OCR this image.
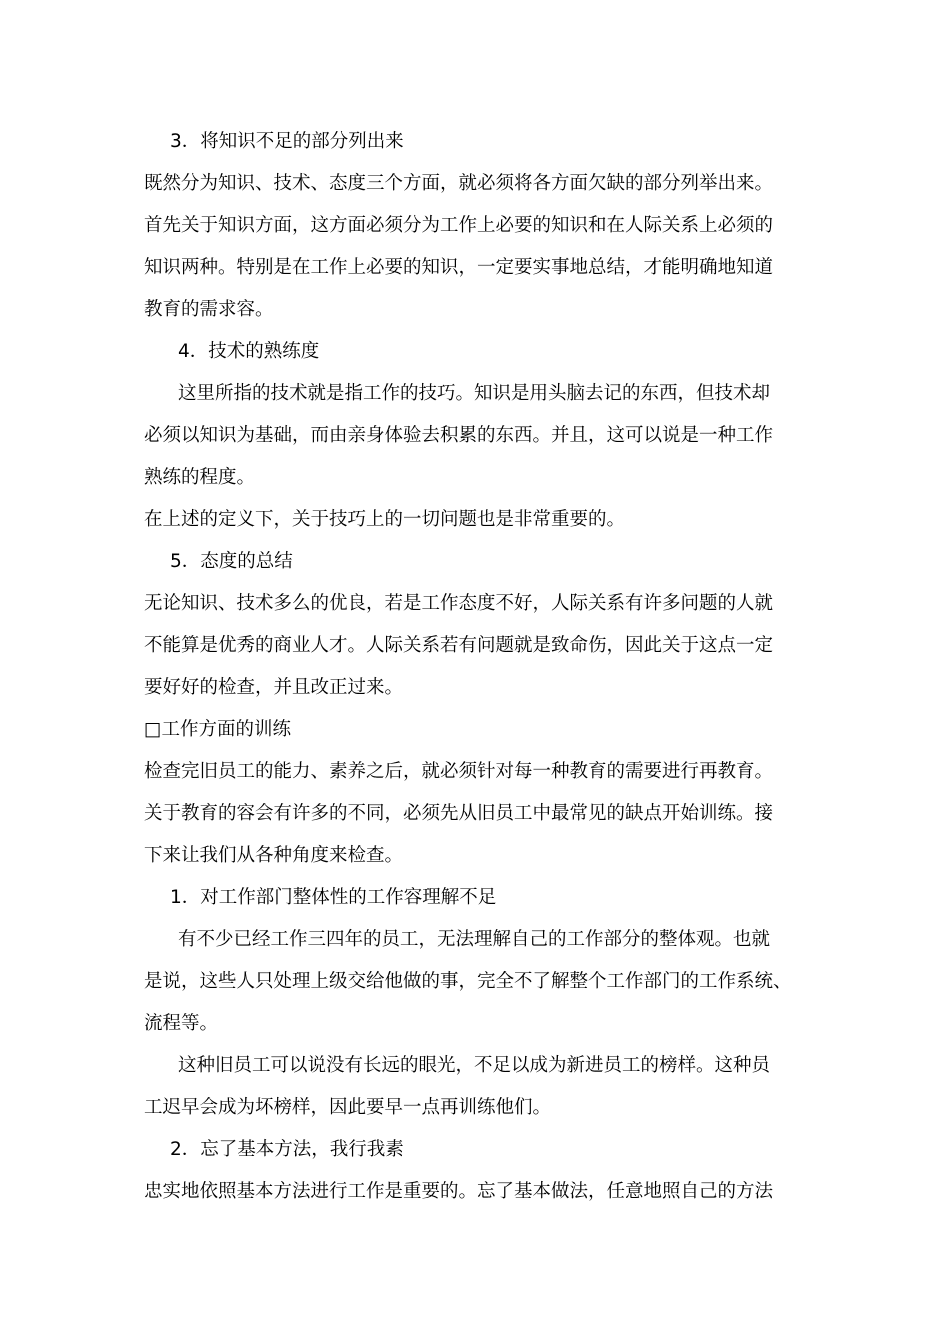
3．将知识不足的部分列出来
既然分为知识、技术、态度三个方面，就必须将各方面欠缺的部分列举出来。
首先关于知识方面，这方面必须分为工作上必要的知识和在人际关系上必须的
知识两种。特别是在工作上必要的知识，一定要实事地总结，才能明确地知道
教育的需求容。
4．技术的熟练度
这里所指的技术就是指工作的技巧。知识是用头脑去记的东西，但技术却
必须以知识为基础，而由亲身体验去积累的东西。并且，这可以说是一种工作
熟练的程度。
在上述的定义下，关于技巧上的一切问题也是非常重要的。
5．态度的总结
无论知识、技术多么的优良，若是工作态度不好，人际关系有许多问题的人就
不能算是优秀的商业人才。人际关系若有问题就是致命伤，因此关于这点一定
要好好的检查，并且改正过来。
□工作方面的训练
检查完旧员工的能力、素养之后，就必须针对每一种教育的需要进行再教育。
关于教育的容会有许多的不同，必须先从旧员工中最常见的缺点开始训练。接
下来让我们从各种角度来检查。
1．对工作部门整体性的工作容理解不足
有不少已经工作三四年的员工，无法理解自己的工作部分的整体观。也就
是说，这些人只处理上级交给他做的事，完全不了解整个工作部门的工作系统、
流程等。
这种旧员工可以说没有长远的眼光，不足以成为新进员工的榜样。这种员
工迟早会成为坏榜样，因此要早一点再训练他们。
2．忘了基本方法，我行我素
忠实地依照基本方法进行工作是重要的。忘了基本做法，任意地照自己的方法
